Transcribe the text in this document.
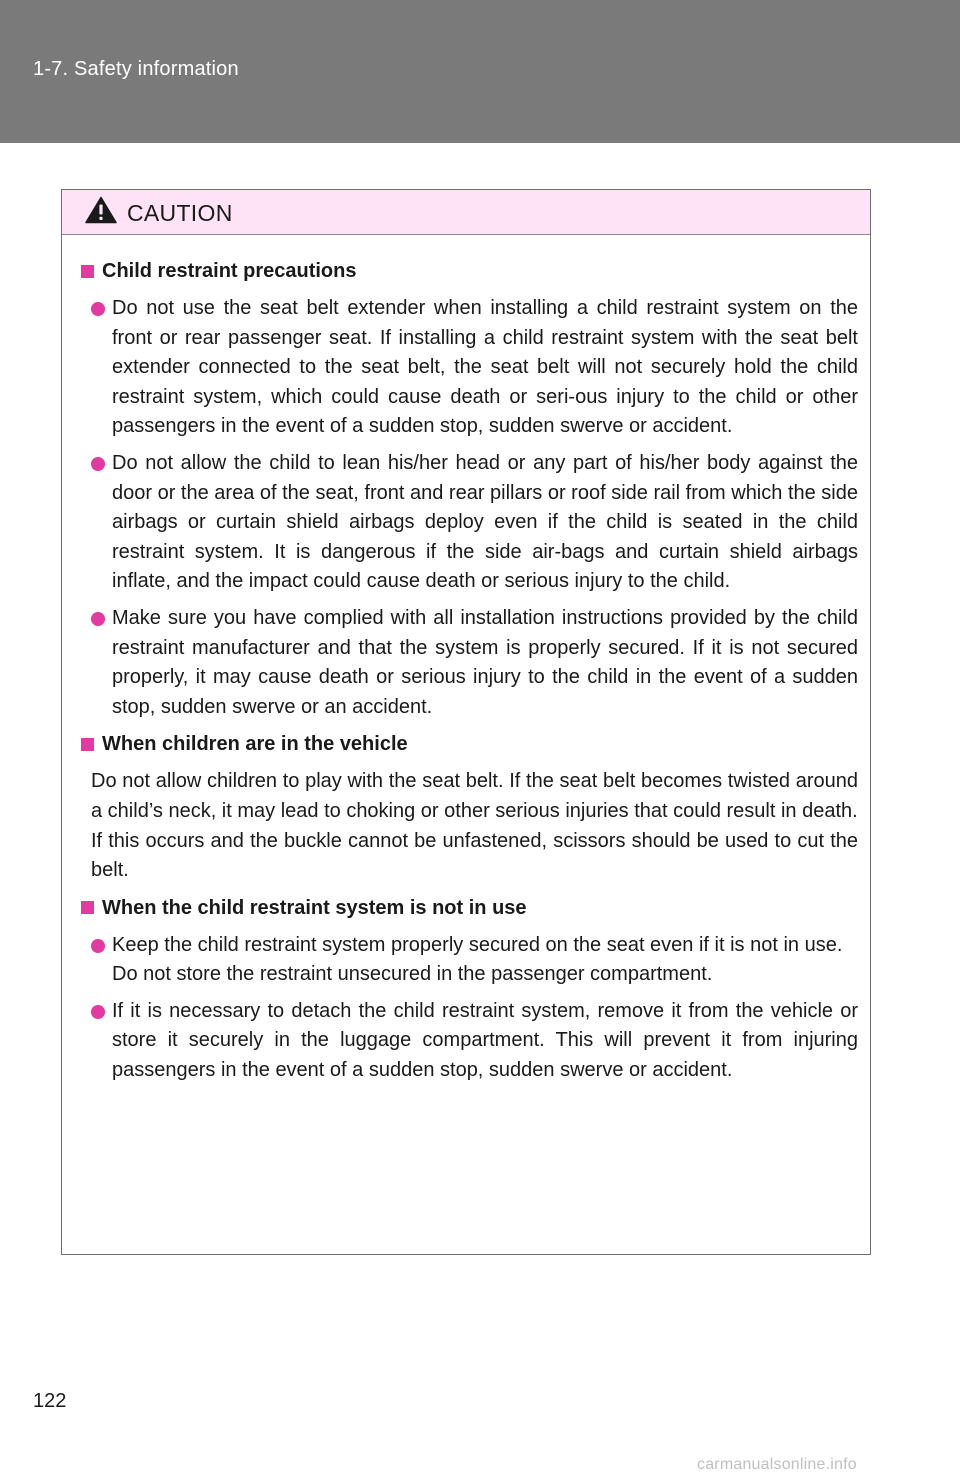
1-7. Safety information
CAUTION
Child restraint precautions
Do not use the seat belt extender when installing a child restraint system on the front or rear passenger seat. If installing a child restraint system with the seat belt extender connected to the seat belt, the seat belt will not securely hold the child restraint system, which could cause death or seri-ous injury to the child or other passengers in the event of a sudden stop, sudden swerve or accident.
Do not allow the child to lean his/her head or any part of his/her body against the door or the area of the seat, front and rear pillars or roof side rail from which the side airbags or curtain shield airbags deploy even if the child is seated in the child restraint system. It is dangerous if the side air-bags and curtain shield airbags inflate, and the impact could cause death or serious injury to the child.
Make sure you have complied with all installation instructions provided by the child restraint manufacturer and that the system is properly secured. If it is not secured properly, it may cause death or serious injury to the child in the event of a sudden stop, sudden swerve or an accident.
When children are in the vehicle
Do not allow children to play with the seat belt. If the seat belt becomes twisted around a child’s neck, it may lead to choking or other serious injuries that could result in death.
If this occurs and the buckle cannot be unfastened, scissors should be used to cut the belt.
When the child restraint system is not in use
Keep the child restraint system properly secured on the seat even if it is not in use.
Do not store the restraint unsecured in the passenger compartment.
If it is necessary to detach the child restraint system, remove it from the vehicle or store it securely in the luggage compartment. This will prevent it from injuring passengers in the event of a sudden stop, sudden swerve or accident.
122
carmanualsonline.info
